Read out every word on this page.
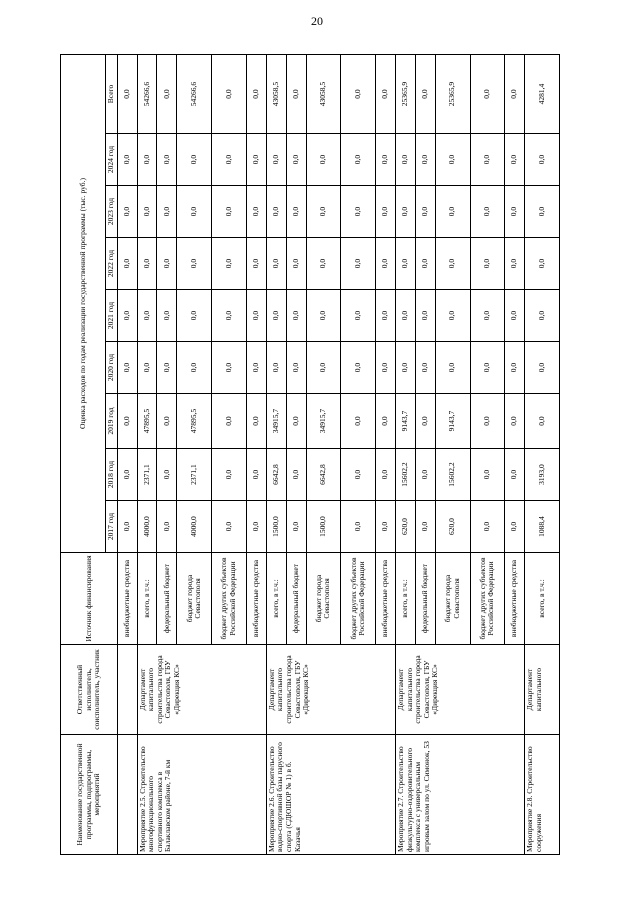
20
Наименование государственной программы, подпрограммы, мероприятий	Ответственный исполнитель, соисполнитель, участник	Источник финансирования	Оценка расходов по годам реализации государственной программы (тыс. руб.)								
			2017 год	2018 год	2019 год	2020 год	2021 год	2022 год	2023 год	2024 год	Всего
		внебюджетные средства	0,0	0,0	0,0	0,0	0,0	0,0	0,0	0,0	0,0
Мероприятие 2.5. Строительство многофункционального спортивного комплекса в Балаклавском районе, 7-й км	Департамент капитального строительства города Севастополя, ГБУ «Дирекция КС»	всего, в т.ч.:	4000,0	2371,1	47895,5	0,0	0,0	0,0	0,0	0,0	54266,6
		федеральный бюджет	0,0	0,0	0,0	0,0	0,0	0,0	0,0	0,0	0,0
		бюджет города Севастополя	4000,0	2371,1	47895,5	0,0	0,0	0,0	0,0	0,0	54266,6
		бюджет других субъектов Российской Федерации	0,0	0,0	0,0	0,0	0,0	0,0	0,0	0,0	0,0
		внебюджетные средства	0,0	0,0	0,0	0,0	0,0	0,0	0,0	0,0	0,0
Мероприятие 2.6. Строительство водно-спортивной базы парусного спорта (СДЮШОР № 1) в б. Казачья	Департамент капитального строительства города Севастополя, ГБУ «Дирекция КС»	всего, в т.ч.:	1500,0	6642,8	34915,7	0,0	0,0	0,0	0,0	0,0	43058,5
		федеральный бюджет	0,0	0,0	0,0	0,0	0,0	0,0	0,0	0,0	0,0
		бюджет города Севастополя	1500,0	6642,8	34915,7	0,0	0,0	0,0	0,0	0,0	43058,5
		бюджет других субъектов Российской Федерации	0,0	0,0	0,0	0,0	0,0	0,0	0,0	0,0	0,0
		внебюджетные средства	0,0	0,0	0,0	0,0	0,0	0,0	0,0	0,0	0,0
Мероприятие 2.7. Строительство физкультурно-оздоровительного комплекса с универсальным игровым залом по ул. Симонок, 53	Департамент капитального строительства города Севастополя, ГБУ «Дирекция КС»	всего, в т.ч.:	620,0	15602,2	9143,7	0,0	0,0	0,0	0,0	0,0	25365,9
		федеральный бюджет	0,0	0,0	0,0	0,0	0,0	0,0	0,0	0,0	0,0
		бюджет города Севастополя	620,0	15602,2	9143,7	0,0	0,0	0,0	0,0	0,0	25365,9
		бюджет других субъектов Российской Федерации	0,0	0,0	0,0	0,0	0,0	0,0	0,0	0,0	0,0
		внебюджетные средства	0,0	0,0	0,0	0,0	0,0	0,0	0,0	0,0	0,0
Мероприятие 2.8. Строительство сооружения	Департамент капитального	всего, в т.ч.:	1088,4	3193,0	0,0	0,0	0,0	0,0	0,0	0,0	4281,4
